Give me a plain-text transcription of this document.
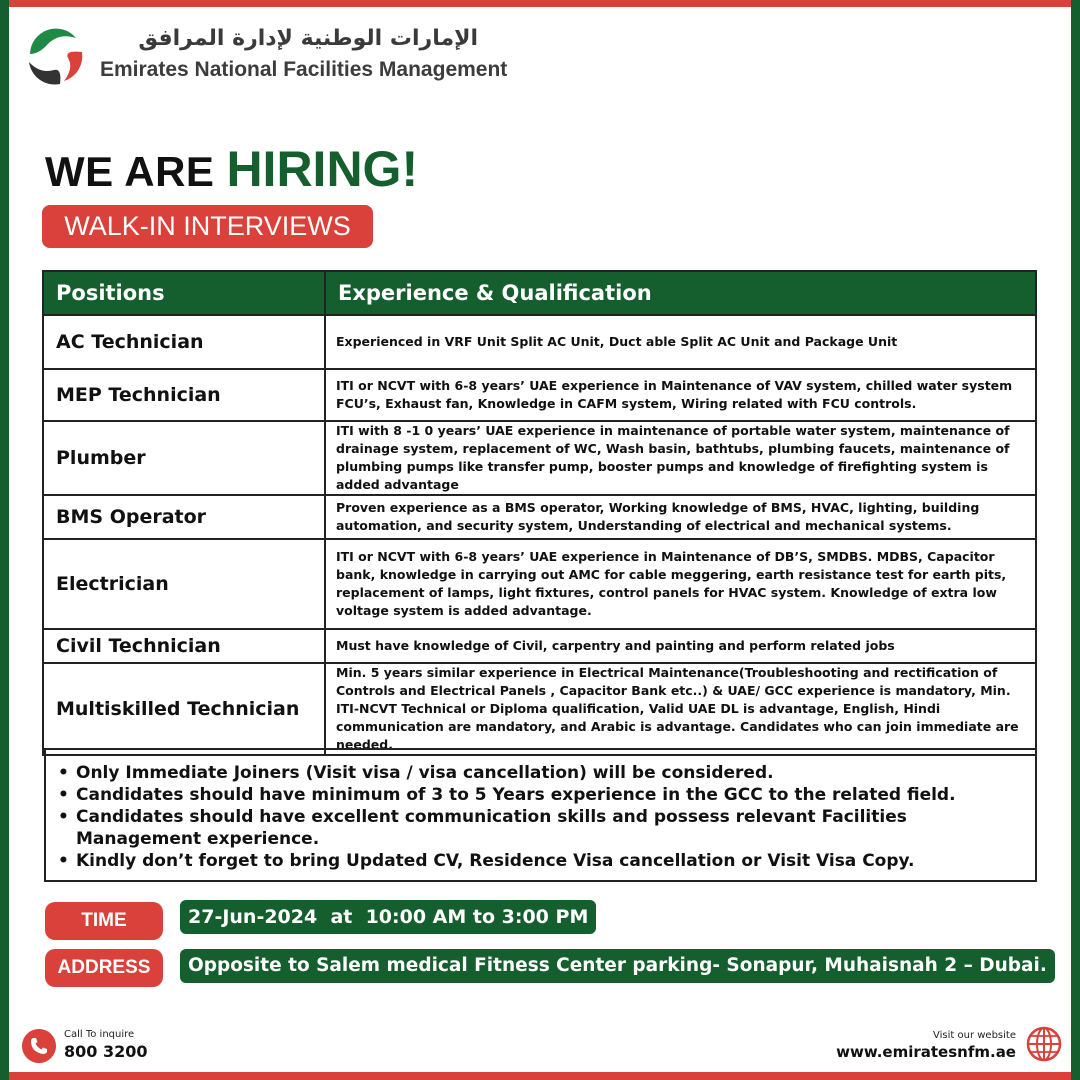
الإمارات الوطنية لإدارة المرافق
Emirates National Facilities Management
WE ARE HIRING!
WALK-IN INTERVIEWS
Positions	Experience & Qualification
AC Technician	Experienced in VRF Unit Split AC Unit, Duct able Split AC Unit and Package Unit
MEP Technician	ITI or NCVT with 6-8 years’ UAE experience in Maintenance of VAV system, chilled water system FCU’s, Exhaust fan, Knowledge in CAFM system, Wiring related with FCU controls.
Plumber	ITI with 8 -1 0 years’ UAE experience in maintenance of portable water system, maintenance of drainage system, replacement of WC, Wash basin, bathtubs, plumbing faucets, maintenance of plumbing pumps like transfer pump, booster pumps and knowledge of firefighting system is added advantage
BMS Operator	Proven experience as a BMS operator, Working knowledge of BMS, HVAC, lighting, building automation, and security system, Understanding of electrical and mechanical systems.
Electrician	ITI or NCVT with 6-8 years’ UAE experience in Maintenance of DB’S, SMDBS. MDBS, Capacitor bank, knowledge in carrying out AMC for cable meggering, earth resistance test for earth pits, replacement of lamps, light fixtures, control panels for HVAC system. Knowledge of extra low voltage system is added advantage.
Civil Technician	Must have knowledge of Civil, carpentry and painting and perform related jobs
Multiskilled Technician	Min. 5 years similar experience in Electrical Maintenance(Troubleshooting and rectification of Controls and Electrical Panels , Capacitor Bank etc..) & UAE/ GCC experience is mandatory, Min. ITI-NCVT Technical or Diploma qualification, Valid UAE DL is advantage, English, Hindi communication are mandatory, and Arabic is advantage. Candidates who can join immediate are needed.
• Only Immediate Joiners (Visit visa / visa cancellation) will be considered.
• Candidates should have minimum of 3 to 5 Years experience in the GCC to the related field.
• Candidates should have excellent communication skills and possess relevant Facilities Management experience.
• Kindly don’t forget to bring Updated CV, Residence Visa cancellation or Visit Visa Copy.
TIME	27-Jun-2024  at  10:00 AM to 3:00 PM
ADDRESS	Opposite to Salem medical Fitness Center parking- Sonapur, Muhaisnah 2 – Dubai.
Call To inquire
800 3200
Visit our website
www.emiratesnfm.ae
